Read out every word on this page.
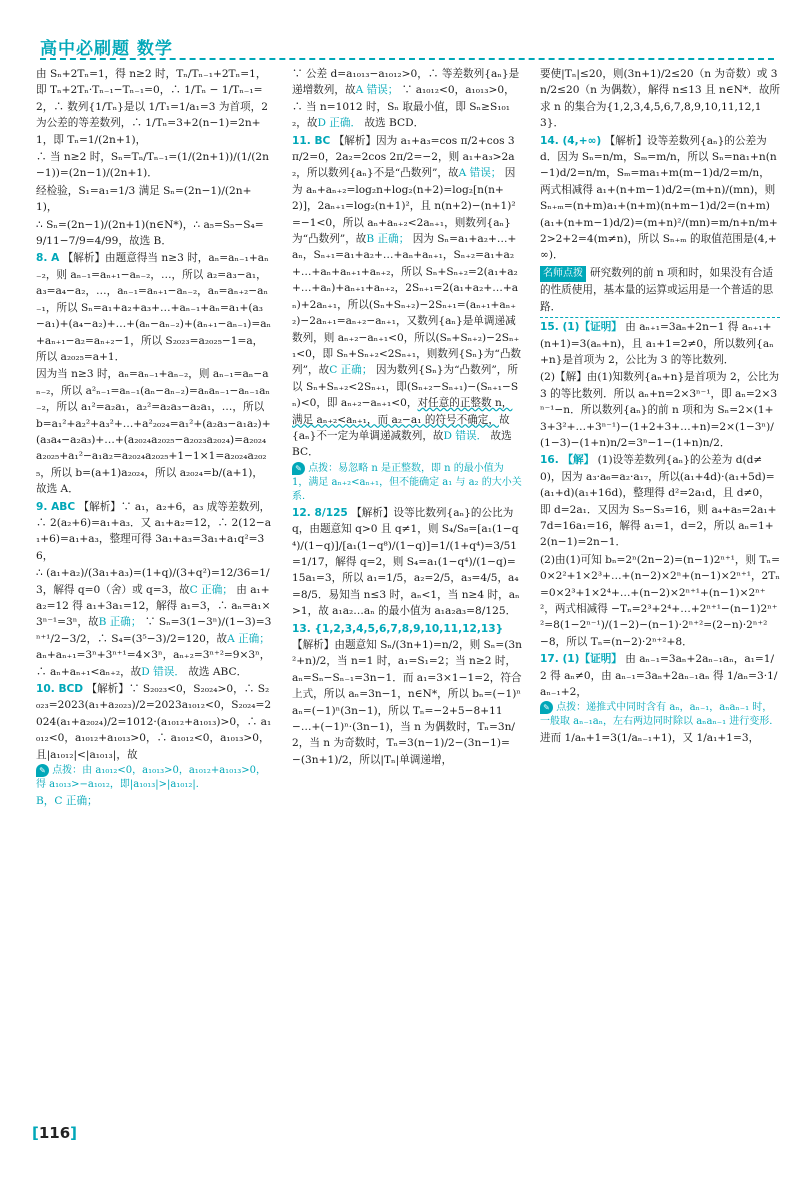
高中必刷题 数学

由 Sₙ+2Tₙ=1，得 n≥2 时，Tₙ/Tₙ₋₁+2Tₙ=1，即 Tₙ+2Tₙ·Tₙ₋₁−Tₙ₋₁=0，∴ 1/Tₙ − 1/Tₙ₋₁=2，∴ 数列{1/Tₙ}是以 1/T₁=1/a₁=3 为首项，2 为公差的等差数列，∴ 1/Tₙ=3+2(n−1)=2n+1，即 Tₙ=1/(2n+1)，

∴ 当 n≥2 时，Sₙ=Tₙ/Tₙ₋₁=(1/(2n+1))/(1/(2n−1))=(2n−1)/(2n+1)．

经检验，S₁=a₁=1/3 满足 Sₙ=(2n−1)/(2n+1)，

∴ Sₙ=(2n−1)/(2n+1)(n∈N*)，∴ a₅=S₅−S₄=9/11−7/9=4/99，故选 B．

8. A 【解析】由题意得当 n≥3 时，aₙ=aₙ₋₁+aₙ₋₂，则 aₙ₋₁=aₙ₊₁−aₙ₋₂，…，所以 a₂=a₃−a₁，a₃=a₄−a₂，…，aₙ₋₁=aₙ₊₁−aₙ₋₂，aₙ=aₙ₊₂−aₙ₋₁，所以 Sₙ=a₁+a₂+a₃+…+aₙ₋₁+aₙ=a₁+(a₃−a₁)+(a₄−a₂)+…+(aₙ−aₙ₋₂)+(aₙ₊₁−aₙ₋₁)=aₙ+aₙ₊₁−a₂=aₙ₊₂−1，所以 S₂₀₂₃=a₂₀₂₅−1=a，所以 a₂₀₂₅=a+1．

因为当 n≥3 时，aₙ=aₙ₋₁+aₙ₋₂，则 aₙ₋₁=aₙ−aₙ₋₂，所以 a²ₙ₋₁=aₙ₋₁(aₙ−aₙ₋₂)=aₙaₙ₋₁−aₙ₋₁aₙ₋₂，所以 a₁²=a₂a₁，a₂²=a₂a₃−a₂a₁，…，所以 b=a₁²+a₂²+a₃²+…+a²₂₀₂₄=a₁²+(a₂a₃−a₁a₂)+(a₃a₄−a₂a₃)+…+(a₂₀₂₄a₂₀₂₅−a₂₀₂₃a₂₀₂₄)=a₂₀₂₄a₂₀₂₅+a₁²−a₁a₂=a₂₀₂₄a₂₀₂₅+1−1×1=a₂₀₂₄a₂₀₂₅，所以 b=(a+1)a₂₀₂₄，所以 a₂₀₂₄=b/(a+1)，故选 A．

9. ABC 【解析】∵ a₁，a₂+6，a₃ 成等差数列，∴ 2(a₂+6)=a₁+a₃．又 a₁+a₂=12，∴ 2(12−a₁+6)=a₁+a₃，整理可得 3a₁+a₃=3a₁+a₁q²=36，

∴ (a₁+a₂)/(3a₁+a₃)=(1+q)/(3+q²)=12/36=1/3，解得 q=0（舍）或 q=3，故C 正确； 由 a₁+a₂=12 得 a₁+3a₁=12，解得 a₁=3，∴ aₙ=a₁×3ⁿ⁻¹=3ⁿ，故B 正确； ∵ Sₙ=3(1−3ⁿ)/(1−3)=3ⁿ⁺¹/2−3/2，∴ S₄=(3⁵−3)/2=120，故A 正确； aₙ+aₙ₊₁=3ⁿ+3ⁿ⁺¹=4×3ⁿ，aₙ₊₂=3ⁿ⁺²=9×3ⁿ，∴ aₙ+aₙ₊₁<aₙ₊₂，故D 错误． 故选 ABC．

10. BCD 【解析】∵ S₂₀₂₃<0，S₂₀₂₄>0，∴ S₂₀₂₃=2023(a₁+a₂₀₂₃)/2=2023a₁₀₁₂<0，S₂₀₂₄=2024(a₁+a₂₀₂₄)/2=1012·(a₁₀₁₂+a₁₀₁₃)>0，∴ a₁₀₁₂<0，a₁₀₁₂+a₁₀₁₃>0，∴ a₁₀₁₂<0，a₁₀₁₃>0，且|a₁₀₁₂|<|a₁₀₁₃|，故

✎ 点拨：由 a₁₀₁₂<0，a₁₀₁₃>0，a₁₀₁₂+a₁₀₁₃>0，得 a₁₀₁₃>−a₁₀₁₂，即|a₁₀₁₃|>|a₁₀₁₂|．

B，C 正确；

∵ 公差 d=a₁₀₁₃−a₁₀₁₂>0，∴ 等差数列{aₙ}是递增数列，故A 错误； ∵ a₁₀₁₂<0，a₁₀₁₃>0，∴ 当 n=1012 时，Sₙ 取最小值，即 Sₙ≥S₁₀₁₂，故D 正确． 故选 BCD．

11. BC 【解析】因为 a₁+a₃=cos π/2+cos 3π/2=0，2a₂=2cos 2π/2=−2，则 a₁+a₃>2a₂，所以数列{aₙ}不是“凸数列”，故A 错误； 因为 aₙ+aₙ₊₂=log₂n+log₂(n+2)=log₂[n(n+2)]，2aₙ₊₁=log₂(n+1)²，且 n(n+2)−(n+1)²=−1<0，所以 aₙ+aₙ₊₂<2aₙ₊₁，则数列{aₙ}为“凸数列”，故B 正确； 因为 Sₙ=a₁+a₂+…+aₙ，Sₙ₊₁=a₁+a₂+…+aₙ+aₙ₊₁，Sₙ₊₂=a₁+a₂+…+aₙ+aₙ₊₁+aₙ₊₂，所以 Sₙ+Sₙ₊₂=2(a₁+a₂+…+aₙ)+aₙ₊₁+aₙ₊₂，2Sₙ₊₁=2(a₁+a₂+…+aₙ)+2aₙ₊₁，所以(Sₙ+Sₙ₊₂)−2Sₙ₊₁=(aₙ₊₁+aₙ₊₂)−2aₙ₊₁=aₙ₊₂−aₙ₊₁，又数列{aₙ}是单调递减数列，则 aₙ₊₂−aₙ₊₁<0，所以(Sₙ+Sₙ₊₂)−2Sₙ₊₁<0，即 Sₙ+Sₙ₊₂<2Sₙ₊₁，则数列{Sₙ}为“凸数列”，故C 正确； 因为数列{Sₙ}为“凸数列”，所以 Sₙ+Sₙ₊₂<2Sₙ₊₁，即(Sₙ₊₂−Sₙ₊₁)−(Sₙ₊₁−Sₙ)<0，即 aₙ₊₂−aₙ₊₁<0，对任意的正整数 n，满足 aₙ₊₂<aₙ₊₁，而 a₂−a₁ 的符号不确定，故{aₙ}不一定为单调递减数列，故D 错误． 故选 BC．

✎ 点拨：易忽略 n 是正整数，即 n 的最小值为 1，满足 aₙ₊₂<aₙ₊₁，但不能确定 a₁ 与 a₂ 的大小关系．

12. 8/125 【解析】设等比数列{aₙ}的公比为 q，由题意知 q>0 且 q≠1，则 S₄/S₈=[a₁(1−q⁴)/(1−q)]/[a₁(1−q⁸)/(1−q)]=1/(1+q⁴)=3/51=1/17，解得 q=2，则 S₄=a₁(1−q⁴)/(1−q)=15a₁=3，所以 a₁=1/5，a₂=2/5，a₃=4/5，a₄=8/5．易知当 n≤3 时，aₙ<1，当 n≥4 时，aₙ>1，故 a₁a₂…aₙ 的最小值为 a₁a₂a₃=8/125．

13. {1,2,3,4,5,6,7,8,9,10,11,12,13} 【解析】由题意知 Sₙ/(3n+1)=n/2，则 Sₙ=(3n²+n)/2，当 n=1 时，a₁=S₁=2；当 n≥2 时，aₙ=Sₙ−Sₙ₋₁=3n−1．而 a₁=3×1−1=2，符合上式，所以 aₙ=3n−1，n∈N*，所以 bₙ=(−1)ⁿaₙ=(−1)ⁿ(3n−1)，所以 Tₙ=−2+5−8+11−…+(−1)ⁿ·(3n−1)，当 n 为偶数时，Tₙ=3n/2，当 n 为奇数时，Tₙ=3(n−1)/2−(3n−1)=−(3n+1)/2，所以|Tₙ|单调递增，

要使|Tₙ|≤20，则(3n+1)/2≤20（n 为奇数）或 3n/2≤20（n 为偶数），解得 n≤13 且 n∈N*．故所求 n 的集合为{1,2,3,4,5,6,7,8,9,10,11,12,13}．

14. (4,+∞) 【解析】设等差数列{aₙ}的公差为 d．因为 Sₙ=n/m，Sₘ=m/n，所以 Sₙ=na₁+n(n−1)d/2=n/m，Sₘ=ma₁+m(m−1)d/2=m/n，两式相减得 a₁+(n+m−1)d/2=(m+n)/(mn)，则 Sₙ₊ₘ=(n+m)a₁+(n+m)(n+m−1)d/2=(n+m)(a₁+(n+m−1)d/2)=(m+n)²/(mn)=m/n+n/m+2>2+2=4(m≠n)，所以 Sₙ₊ₘ 的取值范围是(4,+∞)．

名师点拨 研究数列的前 n 项和时，如果没有合适的性质使用，基本量的运算或运用是一个普适的思路．

15. (1)【证明】 由 aₙ₊₁=3aₙ+2n−1 得 aₙ₊₁+(n+1)=3(aₙ+n)，且 a₁+1=2≠0，所以数列{aₙ+n}是首项为 2，公比为 3 的等比数列．

(2)【解】由(1)知数列{aₙ+n}是首项为 2，公比为 3 的等比数列．所以 aₙ+n=2×3ⁿ⁻¹，即 aₙ=2×3ⁿ⁻¹−n．所以数列{aₙ}的前 n 项和为 Sₙ=2×(1+3+3²+…+3ⁿ⁻¹)−(1+2+3+…+n)=2×(1−3ⁿ)/(1−3)−(1+n)n/2=3ⁿ−1−(1+n)n/2．

16. 【解】 (1)设等差数列{aₙ}的公差为 d(d≠0)，因为 a₃·a₆=a₂·a₁₇，所以(a₁+4d)·(a₁+5d)=(a₁+d)(a₁+16d)，整理得 d²=2a₁d，且 d≠0，即 d=2a₁．又因为 S₅−S₃=16，则 a₄+a₅=2a₁+7d=16a₁=16，解得 a₁=1，d=2，所以 aₙ=1+2(n−1)=2n−1．

(2)由(1)可知 bₙ=2ⁿ(2n−2)=(n−1)2ⁿ⁺¹，则 Tₙ=0×2²+1×2³+…+(n−2)×2ⁿ+(n−1)×2ⁿ⁺¹，2Tₙ=0×2³+1×2⁴+…+(n−2)×2ⁿ⁺¹+(n−1)×2ⁿ⁺²，两式相减得 −Tₙ=2³+2⁴+…+2ⁿ⁺¹−(n−1)2ⁿ⁺²=8(1−2ⁿ⁻¹)/(1−2)−(n−1)·2ⁿ⁺²=(2−n)·2ⁿ⁺²−8，所以 Tₙ=(n−2)·2ⁿ⁺²+8．

17. (1)【证明】 由 aₙ₋₁=3aₙ+2aₙ₋₁aₙ，a₁=1/2 得 aₙ≠0，由 aₙ₋₁=3aₙ+2aₙ₋₁aₙ 得 1/aₙ=3·1/aₙ₋₁+2，

✎ 点拨：递推式中同时含有 aₙ，aₙ₋₁，aₙaₙ₋₁ 时，一般取 aₙ₋₁aₙ，左右两边同时除以 aₙaₙ₋₁ 进行变形．

进而 1/aₙ+1=3(1/aₙ₋₁+1)，又 1/a₁+1=3，

[ 116 ]
